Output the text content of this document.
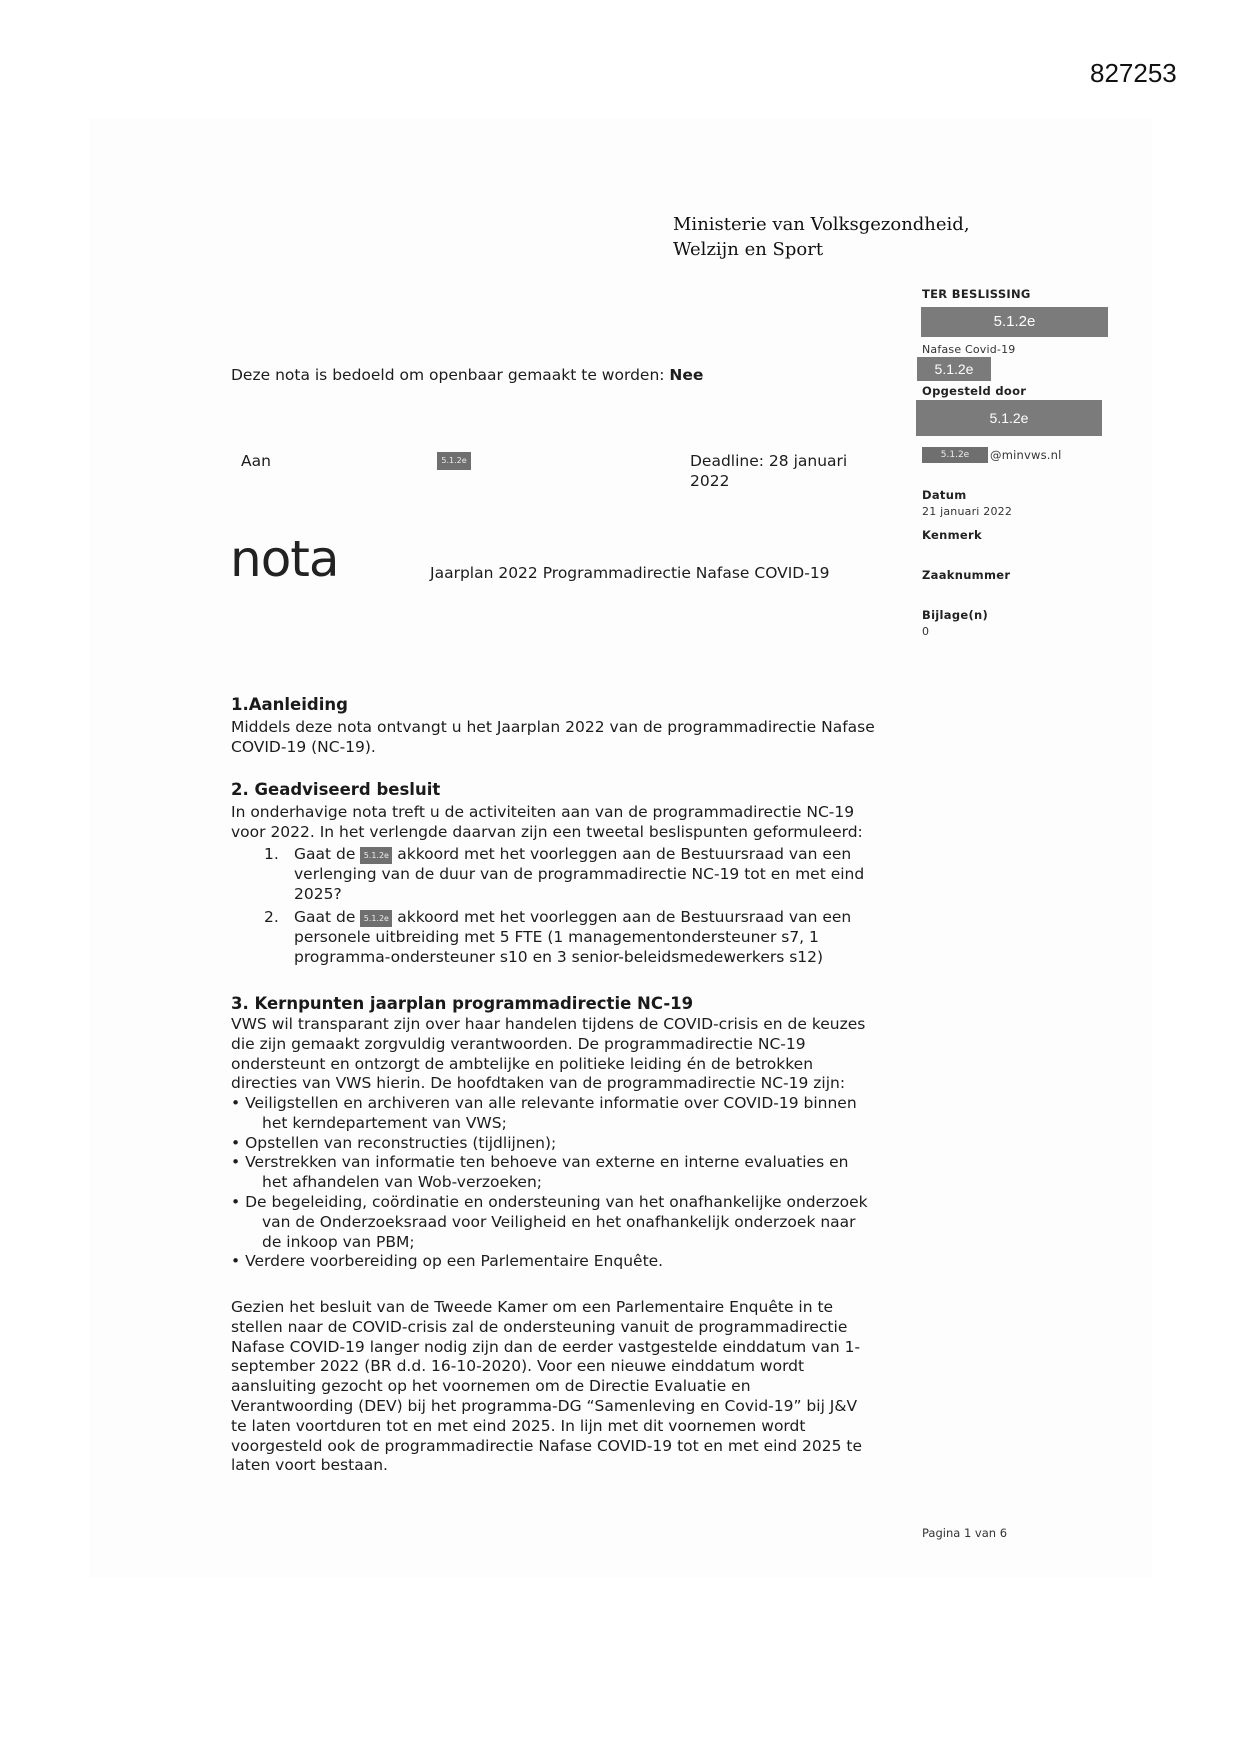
827253
Ministerie van Volksgezondheid,
Welzijn en Sport
TER BESLISSING
5.1.2e
Nafase Covid-19
5.1.2e
Opgesteld door
5.1.2e
5.1.2e	@minvws.nl
Datum
21 januari 2022
Kenmerk
Zaaknummer
Bijlage(n)
0
Deze nota is bedoeld om openbaar gemaakt te worden: Nee
Aan	5.1.2e	Deadline: 28 januari
2022
nota	Jaarplan 2022 Programmadirectie Nafase COVID-19
1.Aanleiding
Middels deze nota ontvangt u het Jaarplan 2022 van de programmadirectie Nafase
COVID-19 (NC-19).
2. Geadviseerd besluit
In onderhavige nota treft u de activiteiten aan van de programmadirectie NC-19
voor 2022. In het verlengde daarvan zijn een tweetal beslispunten geformuleerd:
1. Gaat de 5.1.2e akkoord met het voorleggen aan de Bestuursraad van een
verlenging van de duur van de programmadirectie NC-19 tot en met eind
2025?
2. Gaat de 5.1.2e akkoord met het voorleggen aan de Bestuursraad van een
personele uitbreiding met 5 FTE (1 managementondersteuner s7, 1
programma-ondersteuner s10 en 3 senior-beleidsmedewerkers s12)
3. Kernpunten jaarplan programmadirectie NC-19
VWS wil transparant zijn over haar handelen tijdens de COVID-crisis en de keuzes
die zijn gemaakt zorgvuldig verantwoorden. De programmadirectie NC-19
ondersteunt en ontzorgt de ambtelijke en politieke leiding én de betrokken
directies van VWS hierin. De hoofdtaken van de programmadirectie NC-19 zijn:
• Veiligstellen en archiveren van alle relevante informatie over COVID-19 binnen
het kerndepartement van VWS;
• Opstellen van reconstructies (tijdlijnen);
• Verstrekken van informatie ten behoeve van externe en interne evaluaties en
het afhandelen van Wob-verzoeken;
• De begeleiding, coördinatie en ondersteuning van het onafhankelijke onderzoek
van de Onderzoeksraad voor Veiligheid en het onafhankelijk onderzoek naar
de inkoop van PBM;
• Verdere voorbereiding op een Parlementaire Enquête.
Gezien het besluit van de Tweede Kamer om een Parlementaire Enquête in te
stellen naar de COVID-crisis zal de ondersteuning vanuit de programmadirectie
Nafase COVID-19 langer nodig zijn dan de eerder vastgestelde einddatum van 1-
september 2022 (BR d.d. 16-10-2020). Voor een nieuwe einddatum wordt
aansluiting gezocht op het voornemen om de Directie Evaluatie en
Verantwoording (DEV) bij het programma-DG “Samenleving en Covid-19” bij J&V
te laten voortduren tot en met eind 2025. In lijn met dit voornemen wordt
voorgesteld ook de programmadirectie Nafase COVID-19 tot en met eind 2025 te
laten voort bestaan.
Pagina 1 van 6
